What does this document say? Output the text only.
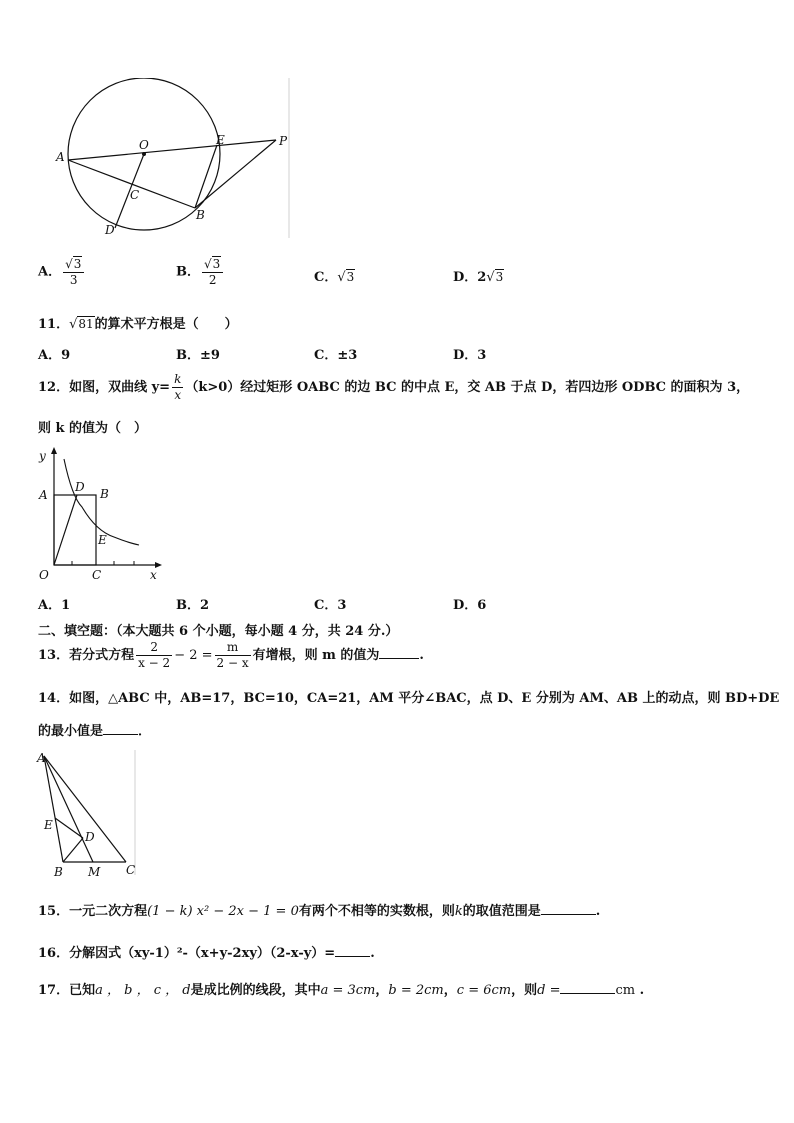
A
O	E	P
C
B
D
A． $\frac{√3}{3}$	B． $\frac{√3}{2}$	C．√3	D．2√3
11．√81的算术平方根是（　　）
A．9	B．±9	C．±3	D．3
12．如图，双曲线 $y= \frac{k}{x} (k>0)$经过矩形 OABC 的边 BC 的中点 E，交 AB 于点 D，若四边形 ODBC 的面积为 3，
则 k 的值为（　）
y
A
D B
E
O	C	x
A．1	B．2	C．3	D．6
二、填空题：（本大题共 6 个小题，每小题 4 分，共 24 分.）
13．若分式方程 $\frac{2}{x - 2} - 2 = \frac{m}{2 - x}$ 有增根，则 m 的值为	.
14．如图，△ABC 中，AB=17，BC=10，CA=21，AM 平分∠BAC，点 D、E 分别为 AM、AB 上的动点，则 BD+DE
的最小值是	．
A
E
D
B M C
15．一元二次方程(1 − k) x² − 2x − 1 = 0有两个不相等的实数根，则k的取值范围是	.
16．分解因式（xy-1）²-（x+y-2xy）（2-x-y）=	.
17．已知a ， b ， c ， d是成比例的线段，其中a = 3cm，b = 2cm，c = 6cm，则d =	cm .
